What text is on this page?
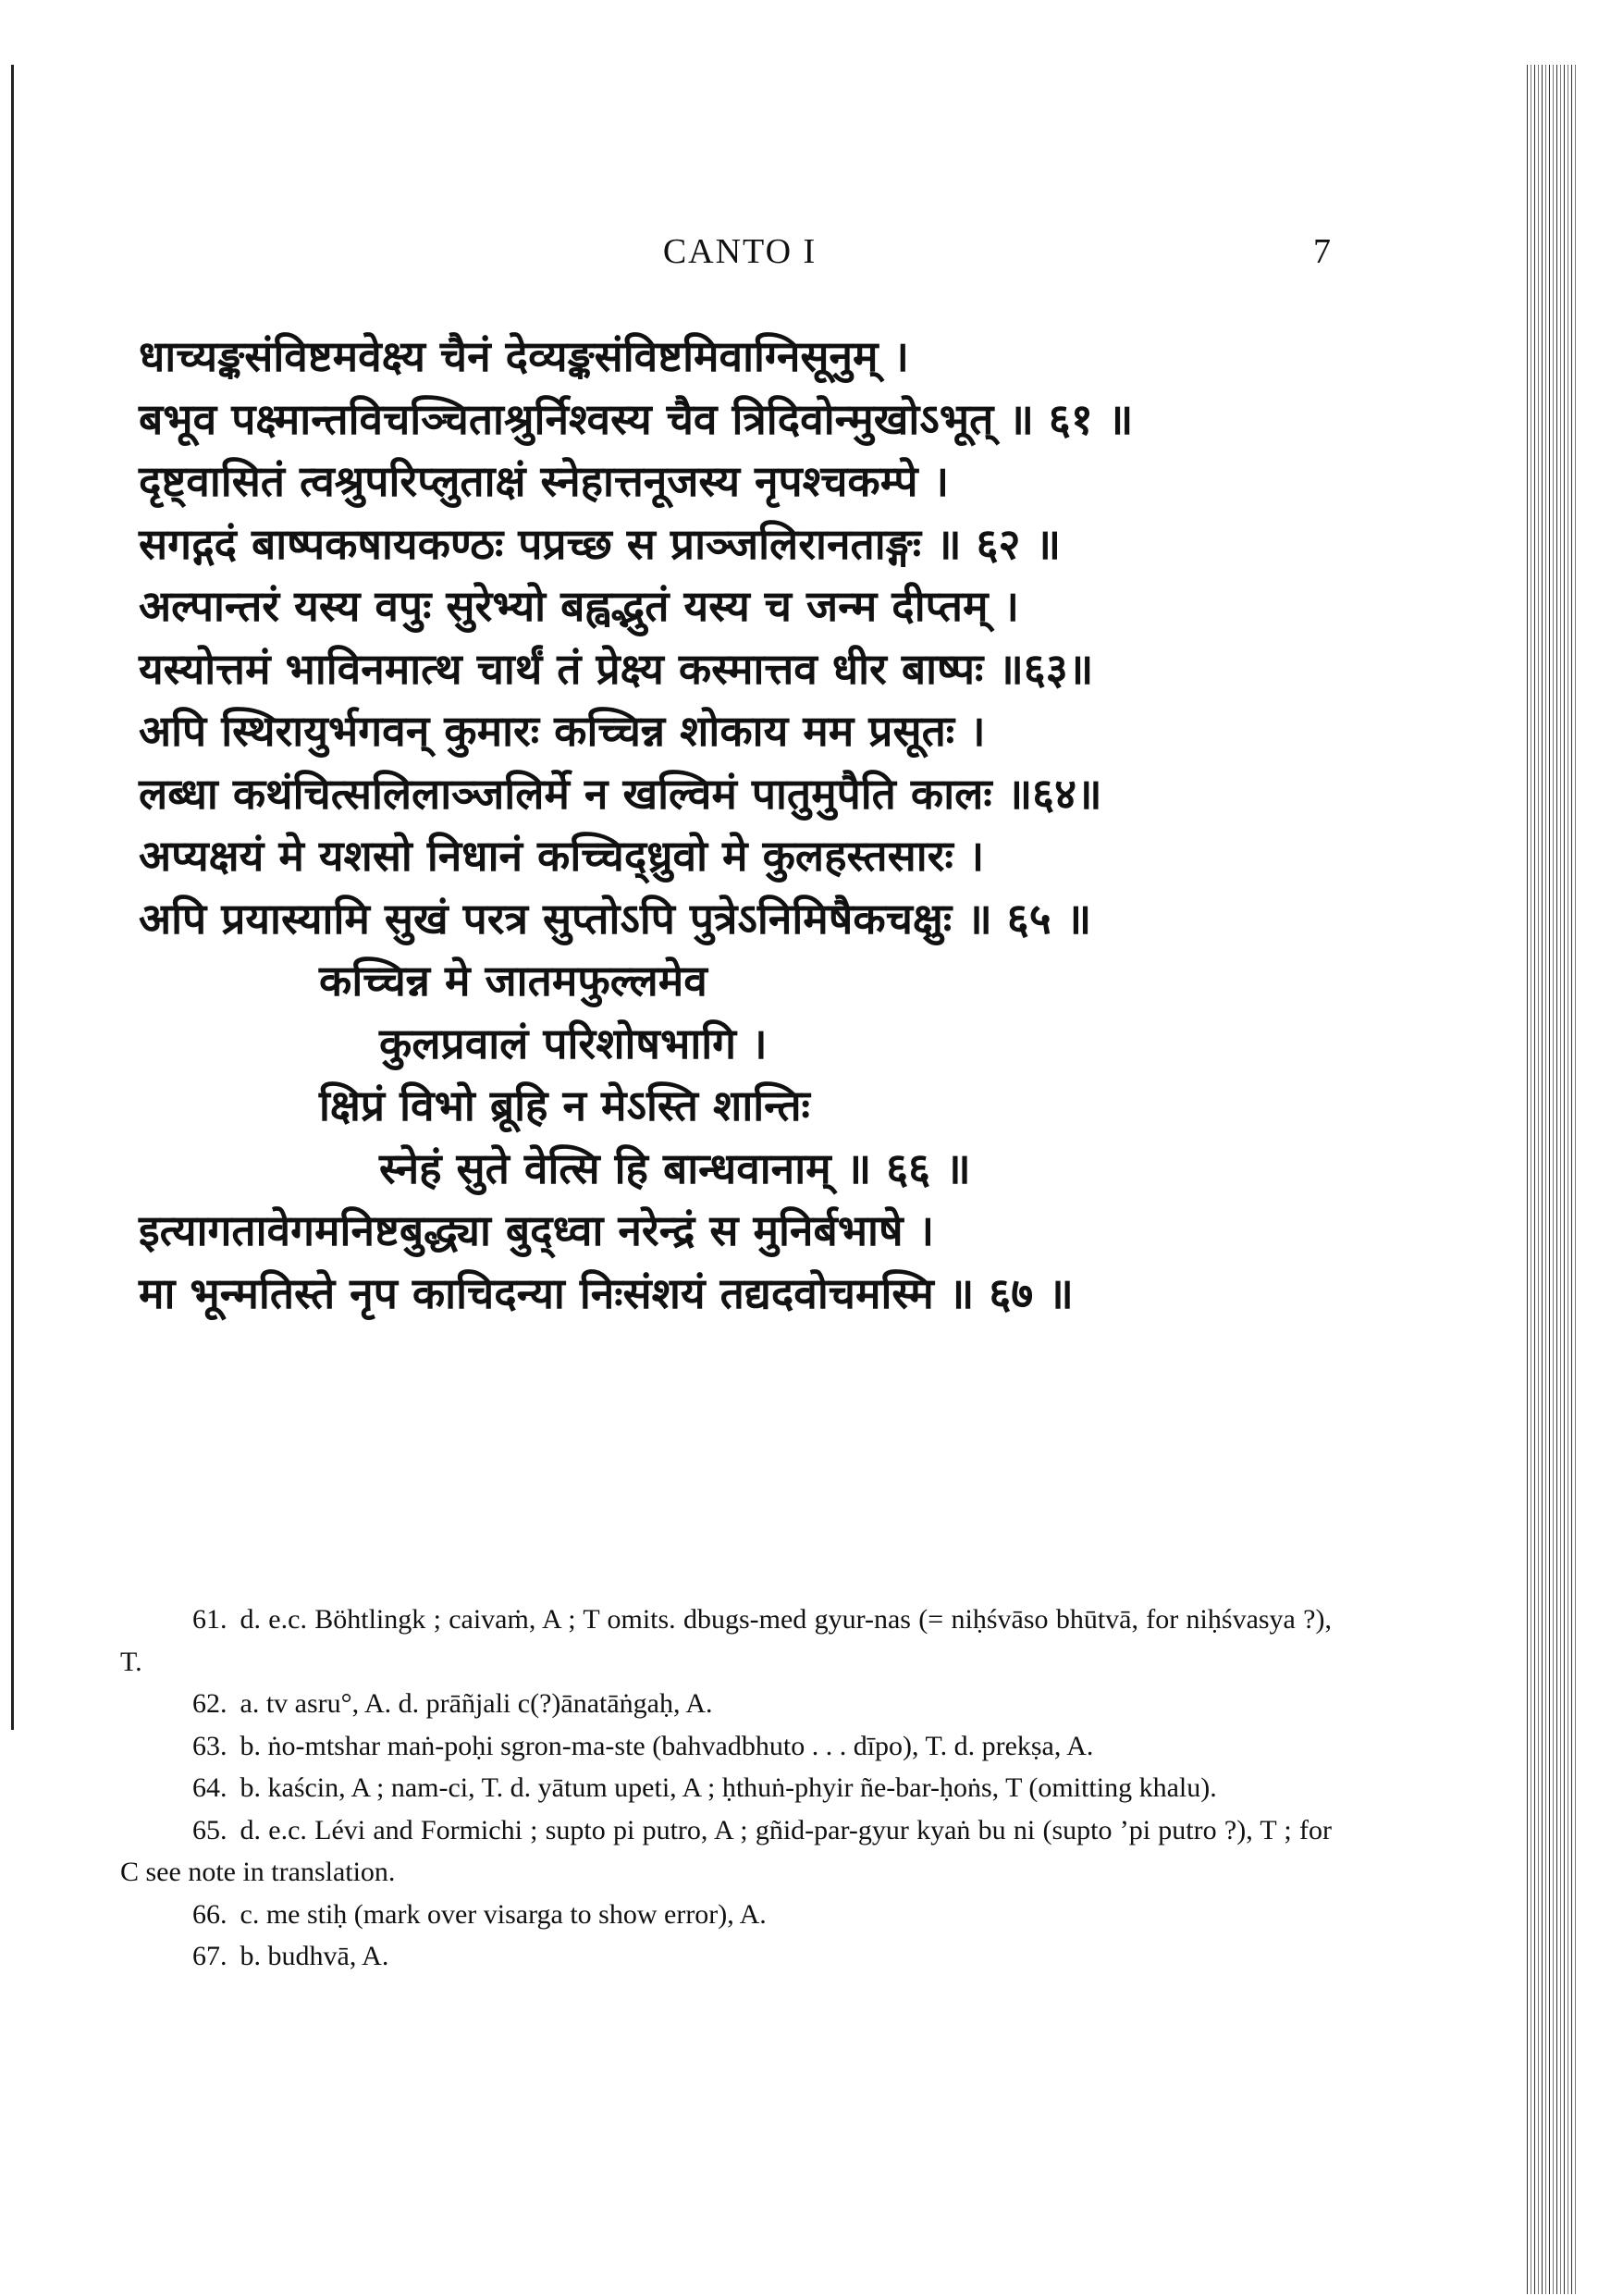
CANTO I	7
धाच्यङ्कसंविष्टमवेक्ष्य चैनं देव्यङ्कसंविष्टमिवाग्निसूनुम् ।
बभूव पक्ष्मान्तविचञ्चिताश्रुर्निश्वस्य चैव त्रिदिवोन्मुखोऽभूत् ॥ ६१ ॥
दृष्ट्वासितं त्वश्रुपरिप्लुताक्षं स्नेहात्तनूजस्य नृपश्चकम्पे ।
सगद्गदं बाष्पकषायकण्ठः पप्रच्छ स प्राञ्जलिरानताङ्गः ॥ ६२ ॥
अल्पान्तरं यस्य वपुः सुरेभ्यो बह्वद्भुतं यस्य च जन्म दीप्तम् ।
यस्योत्तमं भाविनमात्थ चार्थं तं प्रेक्ष्य कस्मात्तव धीर बाष्पः ॥६३॥
अपि स्थिरायुर्भगवन् कुमारः कच्चिन्न शोकाय मम प्रसूतः ।
लब्धा कथंचित्सलिलाञ्जलिर्मे न खल्विमं पातुमुपैति कालः ॥६४॥
अप्यक्षयं मे यशसो निधानं कच्चिद्ध्रुवो मे कुलहस्तसारः ।
अपि प्रयास्यामि सुखं परत्र सुप्तोऽपि पुत्रेऽनिमिषैकचक्षुः ॥ ६५ ॥
कच्चिन्न मे जातमफुल्लमेव
कुलप्रवालं परिशोषभागि ।
क्षिप्रं विभो ब्रूहि न मेऽस्ति शान्तिः
स्नेहं सुते वेत्सि हि बान्धवानाम् ॥ ६६ ॥
इत्यागतावेगमनिष्टबुद्ध्या बुद्ध्वा नरेन्द्रं स मुनिर्बभाषे ।
मा भून्मतिस्ते नृप काचिदन्या निःसंशयं तद्यदवोचमस्मि ॥ ६७ ॥

61. d. e.c. Böhtlingk ; caivaṁ, A ; T omits. dbugs-med gyur-nas (= niḥśvāso bhūtvā, for niḥśvasya ?), T.

62. a. tv asru°, A. d. prāñjali c(?)ānatāṅgaḥ, A.

63. b. ṅo-mtshar maṅ-poḥi sgron-ma-ste (bahvadbhuto . . . dīpo), T. d. prekṣa, A.

64. b. kaścin, A ; nam-ci, T. d. yātum upeti, A ; ḥthuṅ-phyir ñe-bar-ḥoṅs, T (omitting khalu).

65. d. e.c. Lévi and Formichi ; supto pi putro, A ; gñid-par-gyur kyaṅ bu ni (supto ’pi putro ?), T ; for C see note in translation.

66. c. me stiḥ (mark over visarga to show error), A.

67. b. budhvā, A.
